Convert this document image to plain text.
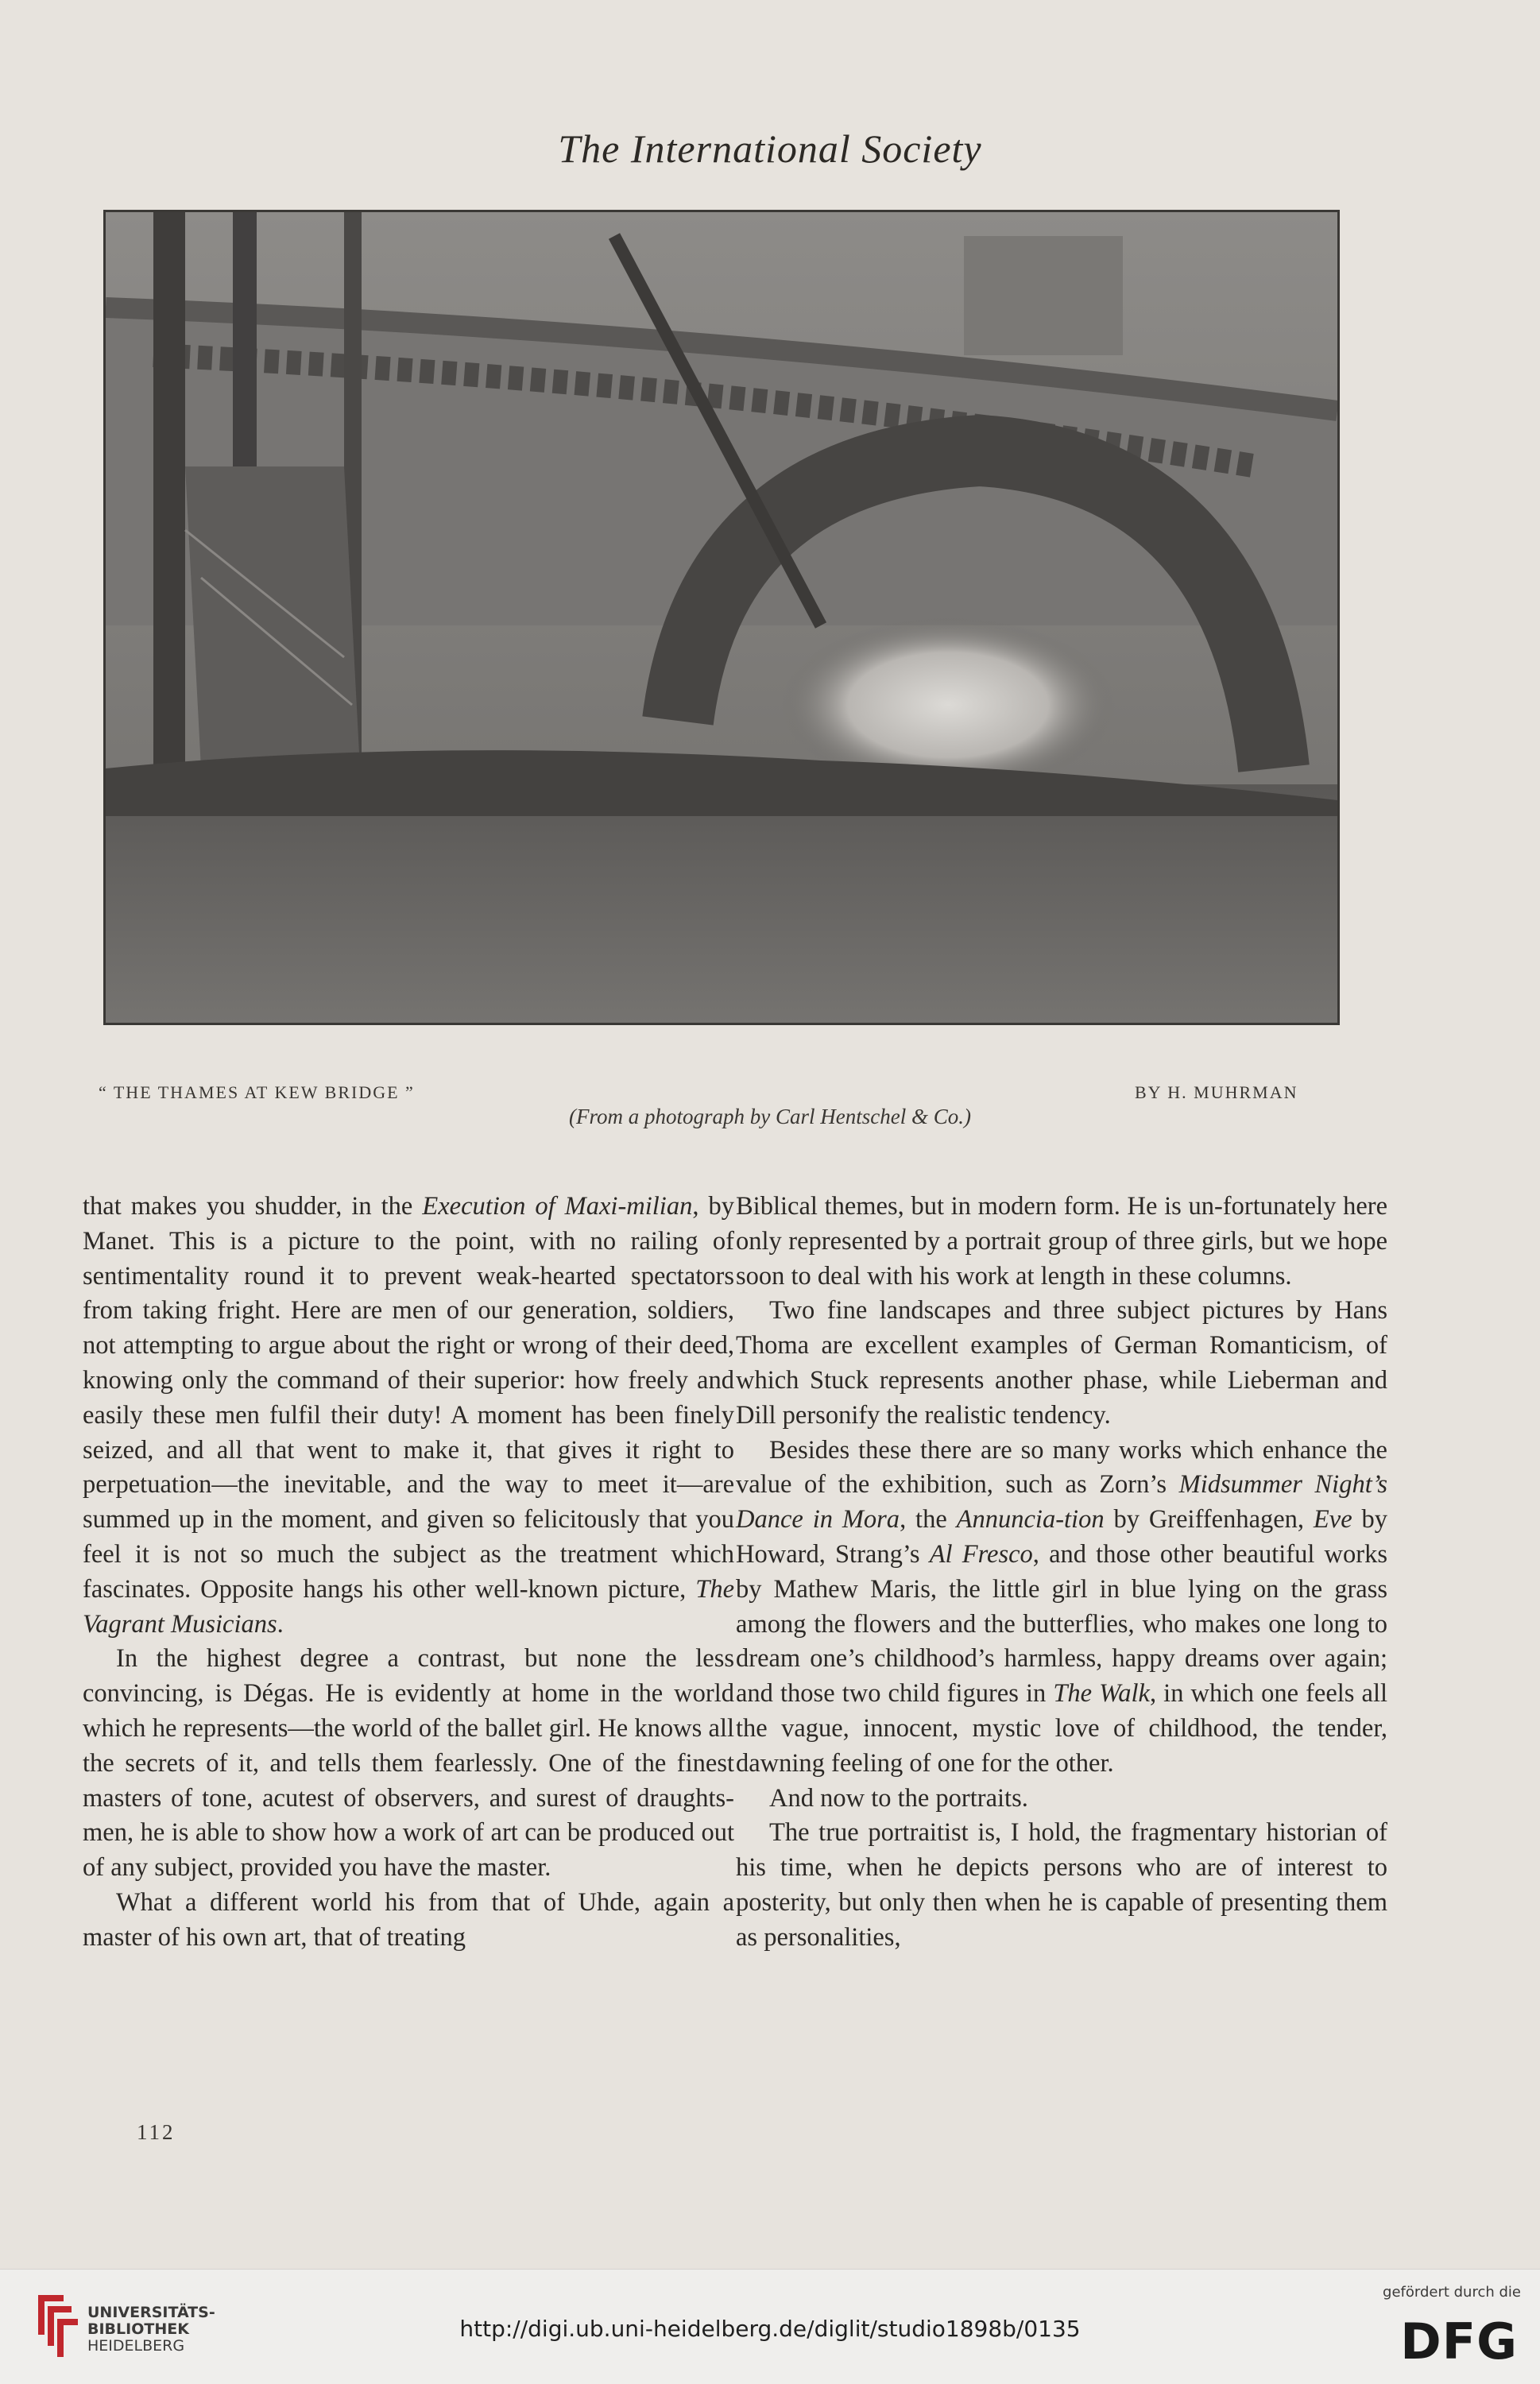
The International Society
“ THE THAMES AT KEW BRIDGE ”	BY H. MUHRMAN
(From a photograph by Carl Hentschel & Co.)

that makes you shudder, in the Execution of Maxi-milian, by Manet. This is a picture to the point, with no railing of sentimentality round it to prevent weak-hearted spectators from taking fright. Here are men of our generation, soldiers, not attempting to argue about the right or wrong of their deed, knowing only the command of their superior: how freely and easily these men fulfil their duty! A moment has been finely seized, and all that went to make it, that gives it right to perpetuation—the inevitable, and the way to meet it—are summed up in the moment, and given so felicitously that you feel it is not so much the subject as the treatment which fascinates. Opposite hangs his other well-known picture, The Vagrant Musicians.

In the highest degree a contrast, but none the less convincing, is Dégas. He is evidently at home in the world which he represents—the world of the ballet girl. He knows all the secrets of it, and tells them fearlessly. One of the finest masters of tone, acutest of observers, and surest of draughts-men, he is able to show how a work of art can be produced out of any subject, provided you have the master.

What a different world his from that of Uhde, again a master of his own art, that of treating

Biblical themes, but in modern form. He is un-fortunately here only represented by a portrait group of three girls, but we hope soon to deal with his work at length in these columns.

Two fine landscapes and three subject pictures by Hans Thoma are excellent examples of German Romanticism, of which Stuck represents another phase, while Lieberman and Dill personify the realistic tendency.

Besides these there are so many works which enhance the value of the exhibition, such as Zorn’s Midsummer Night’s Dance in Mora, the Annuncia-tion by Greiffenhagen, Eve by Howard, Strang’s Al Fresco, and those other beautiful works by Mathew Maris, the little girl in blue lying on the grass among the flowers and the butterflies, who makes one long to dream one’s childhood’s harmless, happy dreams over again; and those two child figures in The Walk, in which one feels all the vague, innocent, mystic love of childhood, the tender, dawning feeling of one for the other.

And now to the portraits.

The true portraitist is, I hold, the fragmentary historian of his time, when he depicts persons who are of interest to posterity, but only then when he is capable of presenting them as personalities,

112
UNIVERSITÄTS-
BIBLIOTHEK
HEIDELBERG
http://digi.ub.uni-heidelberg.de/diglit/studio1898b/0135
gefördert durch die
DFG
